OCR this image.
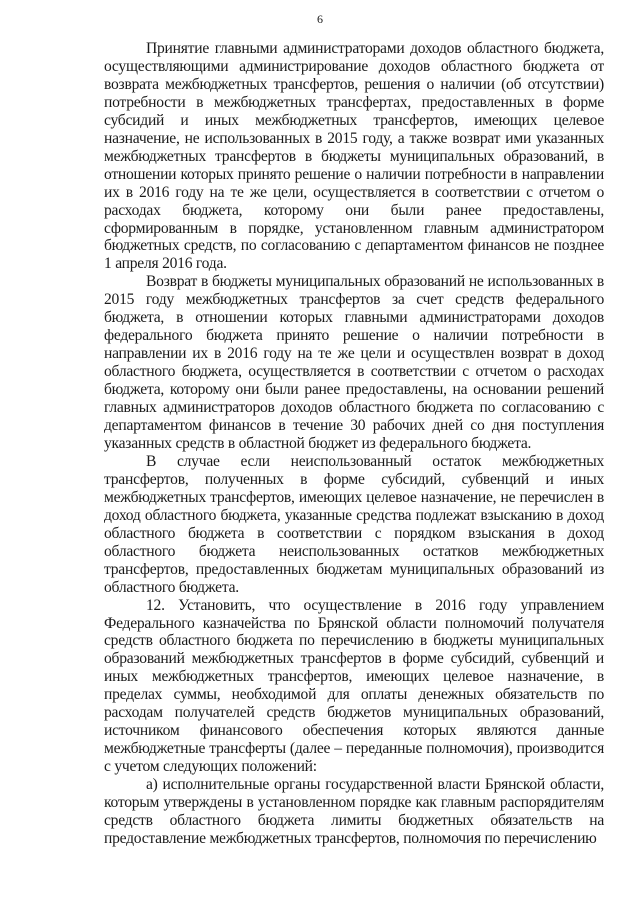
6

Принятие главными администраторами доходов областного бюджета, осуществляющими администрирование доходов областного бюджета от возврата межбюджетных трансфертов, решения о наличии (об отсутствии) потребности в межбюджетных трансфертах, предоставленных в форме субсидий и иных межбюджетных трансфертов, имеющих целевое назначение, не использованных в 2015 году, а также возврат ими указанных межбюджетных трансфертов в бюджеты муниципальных образований, в отношении которых принято решение о наличии потребности в направлении их в 2016 году на те же цели, осуществляется в соответствии с отчетом о расходах бюджета, которому они были ранее предоставлены, сформированным в порядке, установленном главным администратором бюджетных средств, по согласованию с департаментом финансов не позднее 1 апреля 2016 года.

Возврат в бюджеты муниципальных образований не использованных в 2015 году межбюджетных трансфертов за счет средств федерального бюджета, в отношении которых главными администраторами доходов федерального бюджета принято решение о наличии потребности в направлении их в 2016 году на те же цели и осуществлен возврат в доход областного бюджета, осуществляется в соответствии с отчетом о расходах бюджета, которому они были ранее предоставлены, на основании решений главных администраторов доходов областного бюджета по согласованию с департаментом финансов в течение 30 рабочих дней со дня поступления указанных средств в областной бюджет из федерального бюджета.

В случае если неиспользованный остаток межбюджетных трансфертов, полученных в форме субсидий, субвенций и иных межбюджетных трансфертов, имеющих целевое назначение, не перечислен в доход областного бюджета, указанные средства подлежат взысканию в доход областного бюджета в соответствии с порядком взыскания в доход областного бюджета неиспользованных остатков межбюджетных трансфертов, предоставленных бюджетам муниципальных образований из областного бюджета.

12. Установить, что осуществление в 2016 году управлением Федерального казначейства по Брянской области полномочий получателя средств областного бюджета по перечислению в бюджеты муниципальных образований межбюджетных трансфертов в форме субсидий, субвенций и иных межбюджетных трансфертов, имеющих целевое назначение, в пределах суммы, необходимой для оплаты денежных обязательств по расходам получателей средств бюджетов муниципальных образований, источником финансового обеспечения которых являются данные межбюджетные трансферты (далее – переданные полномочия), производится с учетом следующих положений:

а) исполнительные органы государственной власти Брянской области, которым утверждены в установленном порядке как главным распорядителям средств областного бюджета лимиты бюджетных обязательств на предоставление межбюджетных трансфертов, полномочия по перечислению
